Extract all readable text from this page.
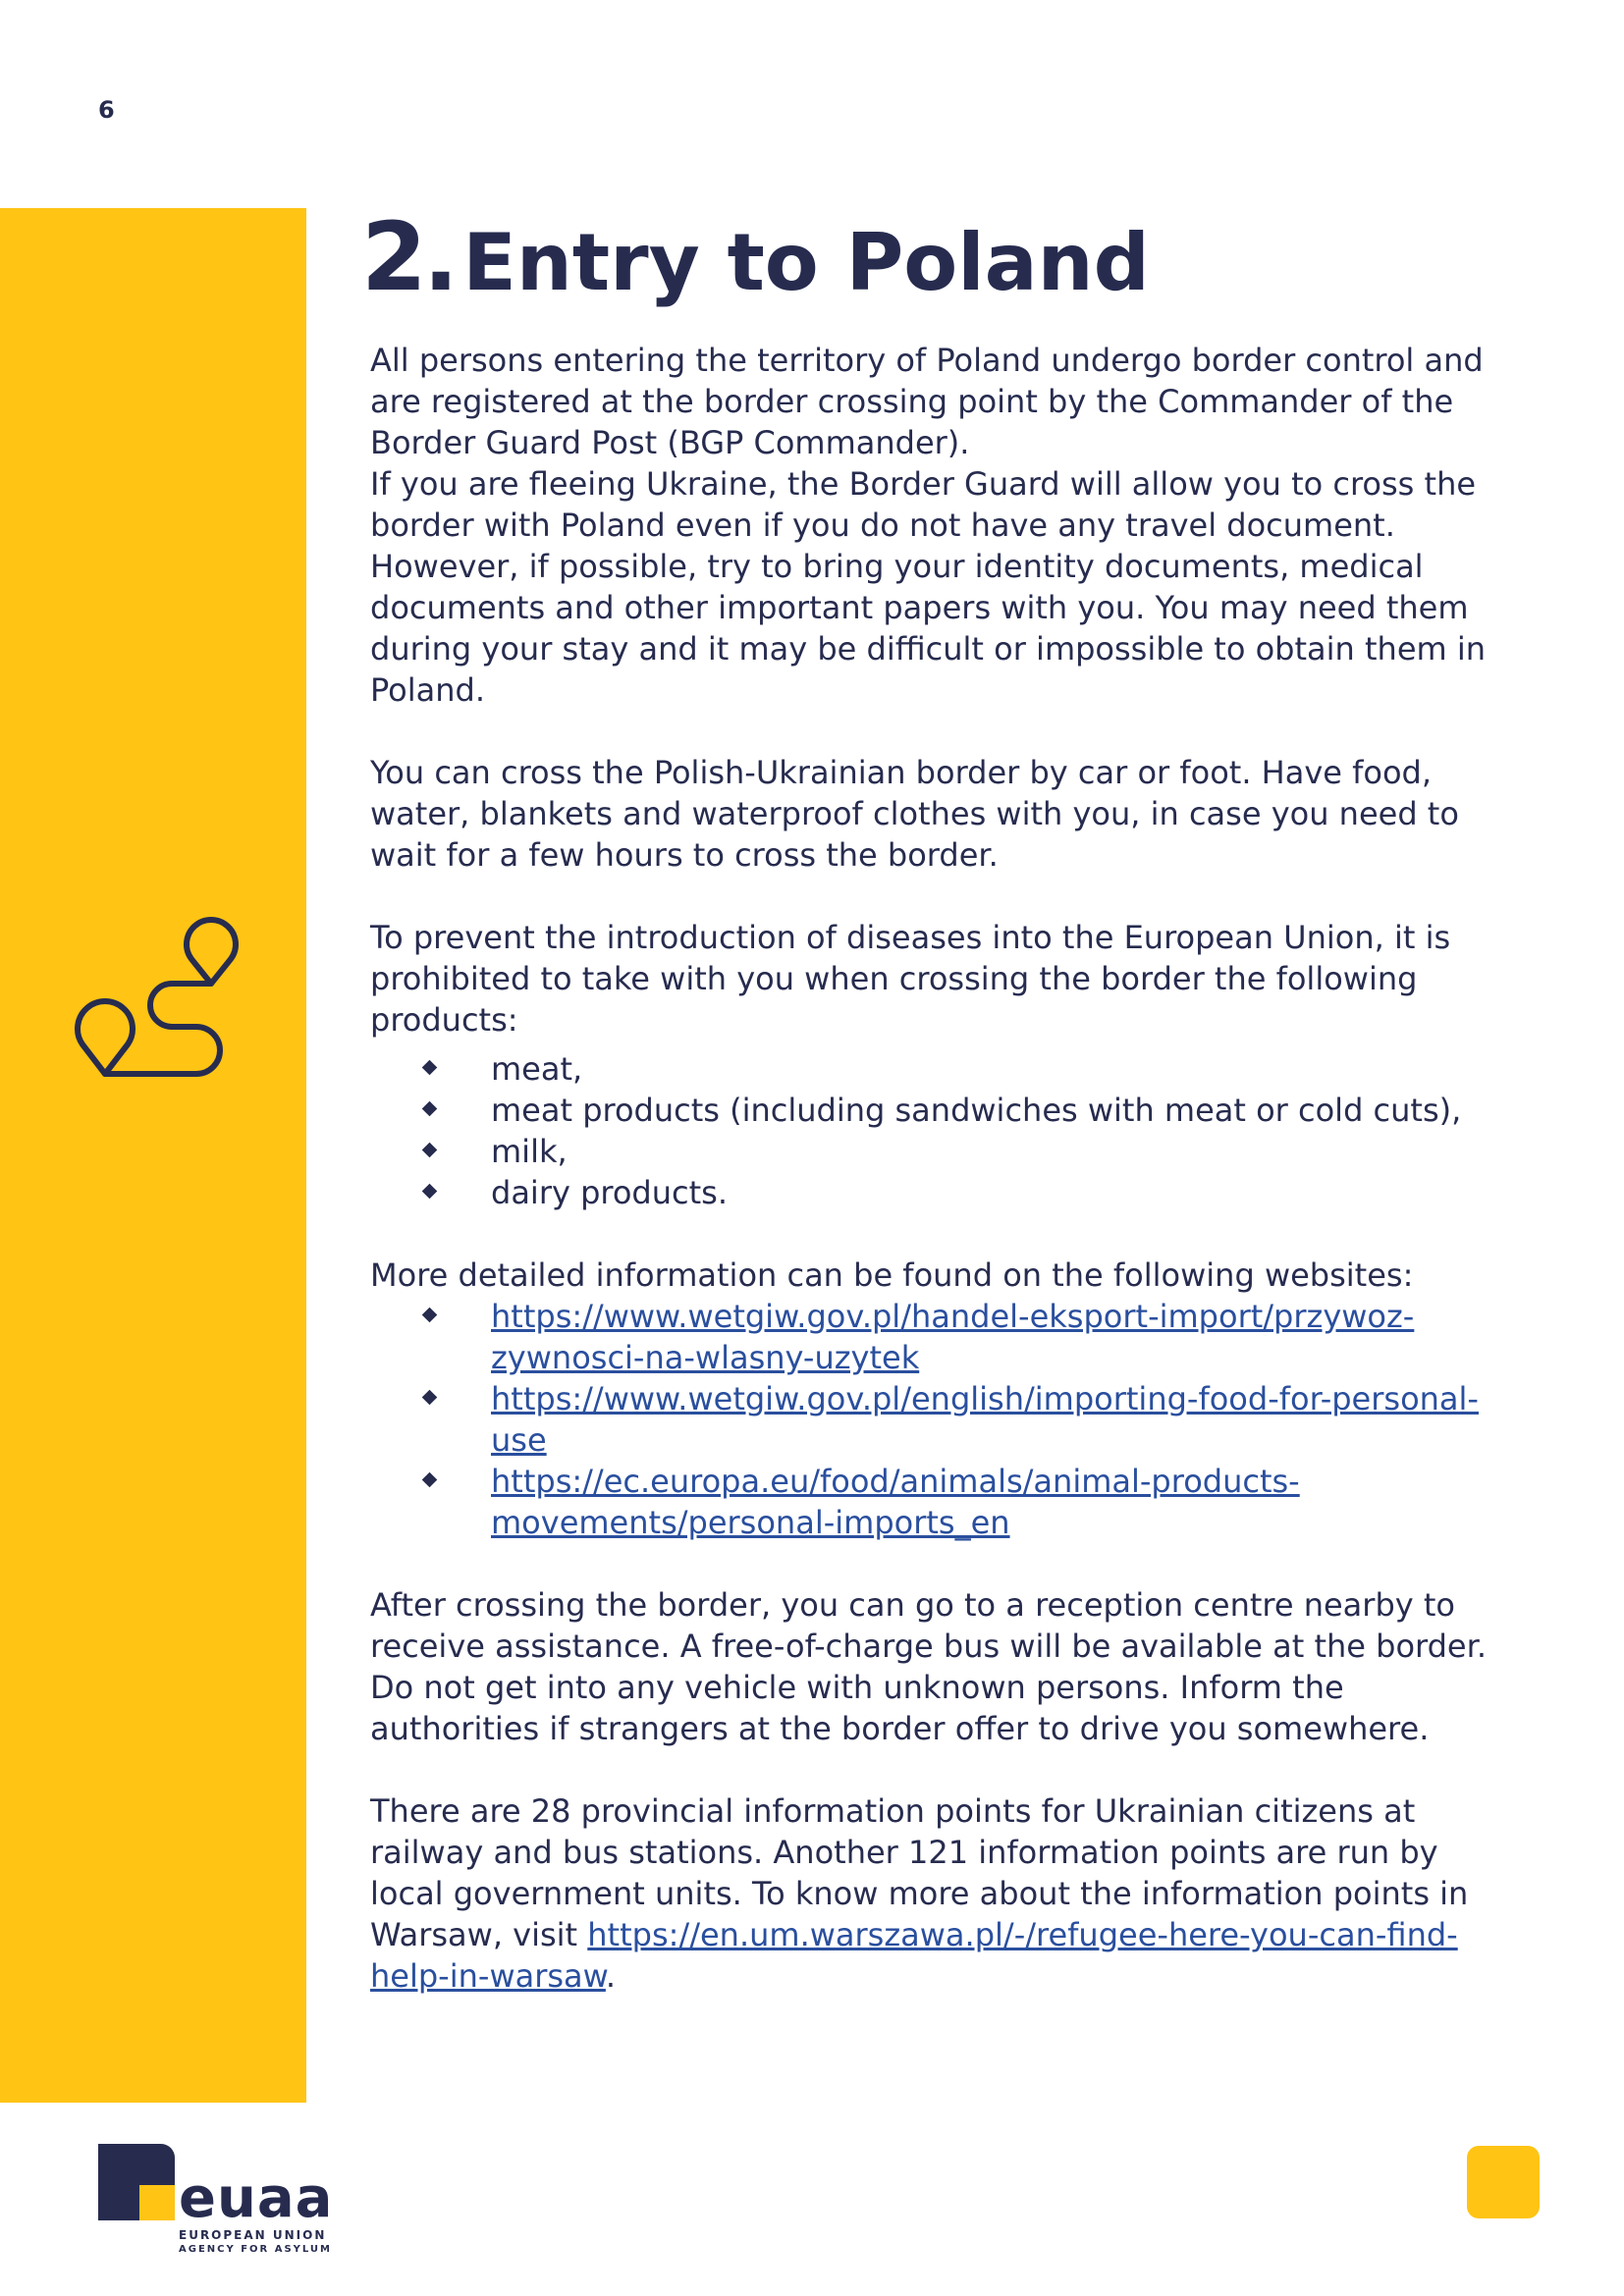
6
2. Entry to Poland

All persons entering the territory of Poland undergo border control and are registered at the border crossing point by the Commander of the Border Guard Post (BGP Commander).

If you are fleeing Ukraine, the Border Guard will allow you to cross the border with Poland even if you do not have any travel document. However, if possible, try to bring your identity documents, medical documents and other important papers with you. You may need them during your stay and it may be difficult or impossible to obtain them in Poland.

You can cross the Polish-Ukrainian border by car or foot. Have food, water, blankets and waterproof clothes with you, in case you need to wait for a few hours to cross the border.

To prevent the introduction of diseases into the European Union, it is prohibited to take with you when crossing the border the following products:

meat,
meat products (including sandwiches with meat or cold cuts),
milk,
dairy products.

More detailed information can be found on the following websites:

https://www.wetgiw.gov.pl/handel-eksport-import/przywoz-zywnosci-na-wlasny-uzytek
https://www.wetgiw.gov.pl/english/importing-food-for-personal-use
https://ec.europa.eu/food/animals/animal-products-movements/personal-imports_en

After crossing the border, you can go to a reception centre nearby to receive assistance. A free-of-charge bus will be available at the border. Do not get into any vehicle with unknown persons. Inform the authorities if strangers at the border offer to drive you somewhere.

There are 28 provincial information points for Ukrainian citizens at railway and bus stations. Another 121 information points are run by local government units. To know more about the information points in Warsaw, visit https://en.um.warszawa.pl/-/refugee-here-you-can-find-help-in-warsaw.

euaa
EUROPEAN UNION
AGENCY FOR ASYLUM
